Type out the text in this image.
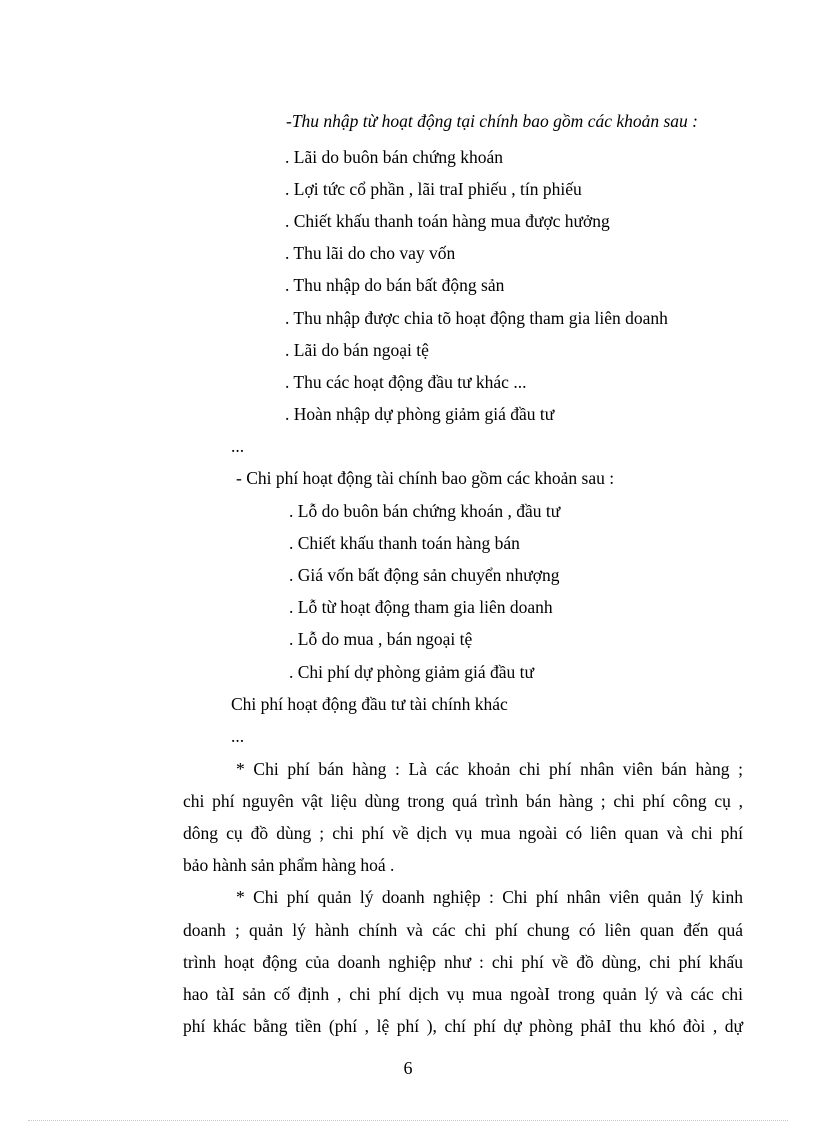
-Thu nhập từ hoạt động tại chính bao gồm các khoản sau :
. Lãi do buôn bán chứng khoán
. Lợi tức cổ phần , lãi traI phiếu , tín phiếu
. Chiết khấu thanh toán hàng mua được hưởng
. Thu lãi do cho vay vốn
. Thu nhập do bán bất động sản
. Thu nhập được chia tõ hoạt động tham gia liên doanh
. Lãi do bán ngoại tệ
. Thu các hoạt động đầu tư khác ...
. Hoàn nhập dự phòng giảm giá đầu tư
...
- Chi phí hoạt động tài chính bao gồm các khoản sau :
. Lỗ do buôn bán chứng khoán , đầu tư
. Chiết khấu thanh toán hàng bán
. Giá vốn bất động sản chuyển nhượng
. Lỗ từ hoạt động tham gia liên doanh
. Lỗ do mua , bán ngoại tệ
. Chi phí dự phòng giảm giá đầu tư
Chi phí hoạt động đầu tư tài chính khác
...
* Chi phí bán hàng : Là các khoản chi phí nhân viên bán hàng ;
chi phí nguyên vật liệu dùng trong quá trình bán hàng ; chi phí công cụ ,
dông cụ đồ dùng ; chi phí về dịch vụ mua ngoài có liên quan và chi phí
bảo hành sản phẩm hàng hoá .
* Chi phí quản lý doanh nghiệp : Chi phí nhân viên quản lý kinh
doanh ; quản lý hành chính và các chi phí chung có liên quan đến quá
trình hoạt động của doanh nghiệp như : chi phí về đồ dùng, chi phí khấu
hao tàI sản cố định , chi phí dịch vụ mua ngoàI trong quản lý và các chi
phí khác bằng tiền (phí , lệ phí ), chí phí dự phòng phảI thu khó đòi , dự
6
